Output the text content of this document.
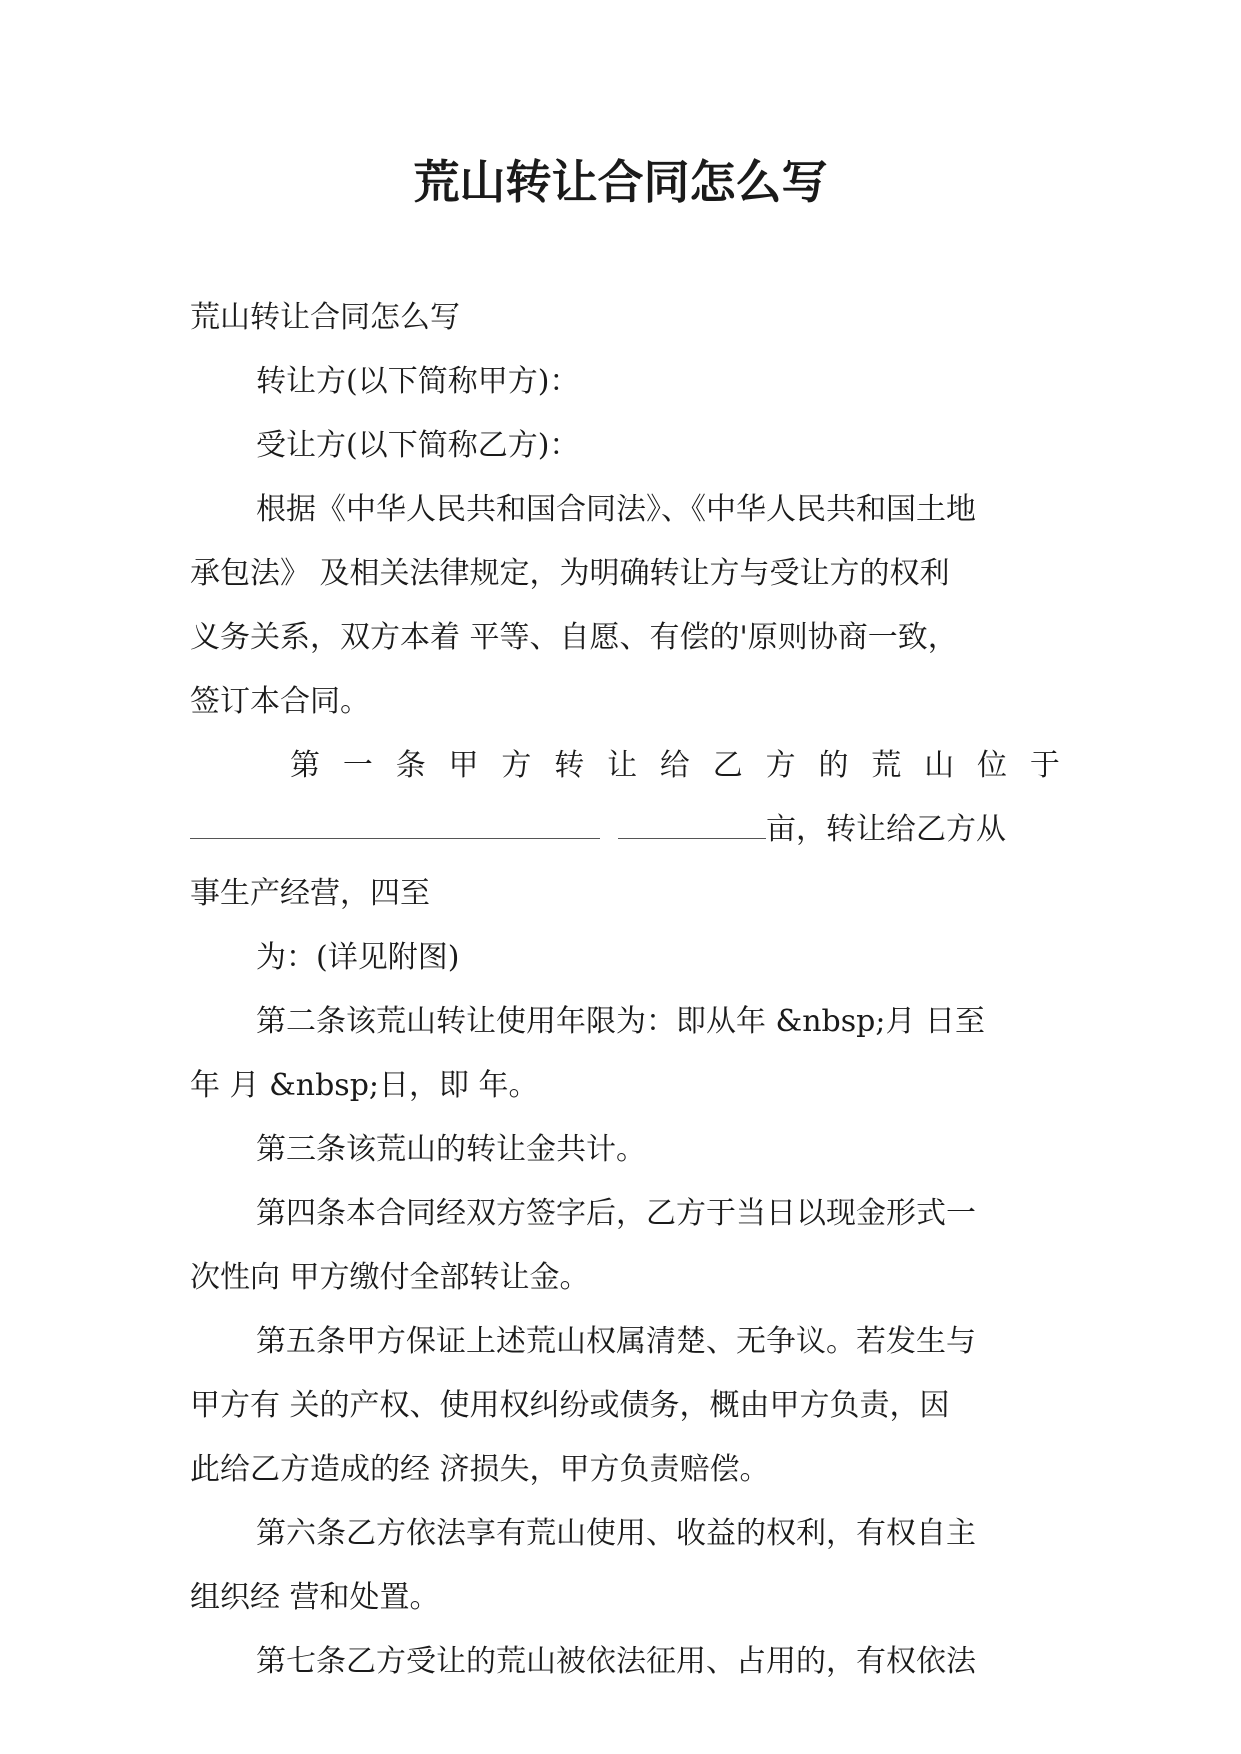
荒山转让合同怎么写
荒山转让合同怎么写
转让方(以下简称甲方)：
受让方(以下简称乙方)：
根据《中华人民共和国合同法》、《中华人民共和国土地
承包法》 及相关法律规定，为明确转让方与受让方的权利
义务关系，双方本着 平等、自愿、有偿的'原则协商一致，
签订本合同。
第 一 条 甲 方 转 让 给 乙 方 的 荒 山 位 于
亩，转让给乙方从
事生产经营，四至
为：(详见附图)
第二条该荒山转让使用年限为：即从年 &nbsp;月 日至
年 月 &nbsp;日，即 年。
第三条该荒山的转让金共计。
第四条本合同经双方签字后，乙方于当日以现金形式一
次性向 甲方缴付全部转让金。
第五条甲方保证上述荒山权属清楚、无争议。若发生与
甲方有 关的产权、使用权纠纷或债务，概由甲方负责，因
此给乙方造成的经 济损失，甲方负责赔偿。
第六条乙方依法享有荒山使用、收益的权利，有权自主
组织经 营和处置。
第七条乙方受让的荒山被依法征用、占用的，有权依法
